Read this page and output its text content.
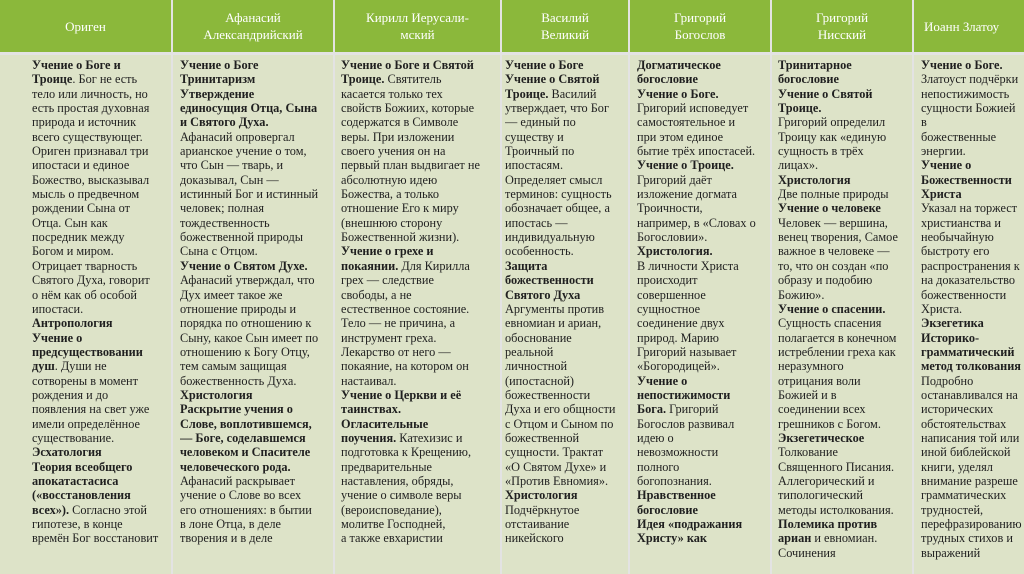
Ориген
Афанасий
Александрийский
Кирилл Иерусали-
мский
Василий
Великий
Григорий
Богослов
Григорий
Нисский
Иоанн Златоу

Учение о Боге и

Троице. Бог не есть

тело или личность, но

есть простая духовная

природа и источник

всего существующег.

Ориген признавал три

ипостаси и единое

Божество, высказывал

мысль о предвечном

рождении Сына от

Отца. Сын как

посредник между

Богом и миром.

Отрицает тварность

Святого Духа, говорит

о нём как об особой

ипостаси.

Антропология

Учение о

предсуществовании

душ. Души не

сотворены в момент

рождения и до

появления на свет уже

имели определённое

существование.

Эсхатология

Теория всеобщего

апокатастасиса

(«восстановления

всех»). Согласно этой

гипотезе, в конце

времён Бог восстановит

Учение о Боге

Тринитаризм

Утверждение

единосущия Отца, Сына

и Святого Духа.

Афанасий опровергал

арианское учение о том,

что Сын — тварь, и

доказывал, Сын —

истинный Бог и истинный

человек; полная

тождественность

божественной природы

Сына с Отцом.

Учение о Святом Духе.

Афанасий утверждал, что

Дух имеет такое же

отношение природы и

порядка по отношению к

Сыну, какое Сын имеет по

отношению к Богу Отцу,

тем самым защищая

божественность Духа.

Христология

Раскрытие учения о

Слове, воплотившемся,

— Боге, соделавшемся

человеком и Спасителе

человеческого рода.

Афанасий раскрывает

учение о Слове во всех

его отношениях: в бытии

в лоне Отца, в деле

творения и в деле

Учение о Боге и Святой

Троице. Святитель

касается только тех

свойств Божиих, которые

содержатся в Символе

веры. При изложении

своего учения он на

первый план выдвигает не

абсолютную идею

Божества, а только

отношение Его к миру

(внешнюю сторону

Божественной жизни).

Учение о грехе и

покаянии. Для Кирилла

грех — следствие

свободы, а не

естественное состояние.

Тело — не причина, а

инструмент греха.

Лекарство от него —

покаяние, на котором он

настаивал.

Учение о Церкви и её

таинствах.

Огласительные

поучения. Катехизис и

подготовка к Крещению,

предварительные

наставления, обряды,

учение о символе веры

(вероисповедание),

молитве Господней,

а также евхаристии

Учение о Боге

Учение о Святой

Троице. Василий

утверждает, что Бог

— единый по

существу и

Троичный по

ипостасям.

Определяет смысл

терминов: сущность

обозначает общее, а

ипостась —

индивидуальную

особенность.

Защита

божественности

Святого Духа

Аргументы против

евномиан и ариан,

обоснование

реальной

личностной

(ипостасной)

божественности

Духа и его общности

с Отцом и Сыном по

божественной

сущности. Трактат

«О Святом Духе» и

«Против Евномия».

Христология

Подчёркнутое

отстаивание

никейского

Догматическое

богословие

Учение о Боге.

Григорий исповедует

самостоятельное и

при этом единое

бытие трёх ипостасей.

Учение о Троице.

Григорий даёт

изложение догмата

Троичности,

например, в «Словах о

Богословии».

Христология.

В личности Христа

происходит

совершенное

сущностное

соединение двух

природ. Марию

Григорий называет

«Богородицей».

Учение о

непостижимости

Бога. Григорий

Богослов развивал

идею о

невозможности

полного

богопознания.

Нравственное

богословие

Идея «подражания

Христу» как

Тринитарное

богословие

Учение о Святой

Троице.

Григорий определил

Троицу как «единую

сущность в трёх

лицах».

Христология

Две полные природы

Учение о человеке

Человек — вершина,

венец творения, Самое

важное в человеке —

то, что он создан «по

образу и подобию

Божию».

Учение о спасении.

Сущность спасения

полагается в конечном

истреблении греха как

неразумного

отрицания воли

Божией и в

соединении всех

грешников с Богом.

Экзегетическое

Толкование

Священного Писания.

Аллегорический и

типологический

методы истолкования.

Полемика против

ариан и евномиан. Сочинения

Учение о Боге.

Златоуст подчёрки

непостижимость

сущности Божией в

божественные

энергии.

Учение о

Божественности

Христа

Указал на торжест

христианства и

необычайную

быстроту его

распространения к

на доказательство

божественности

Христа.

Экзегетика

Историко-

грамматический

метод толкования

Подробно

останавливался на

исторических

обстоятельствах

написания той или

иной библейской

книги, уделял

внимание разреше

грамматических

трудностей,

перефразированию

трудных стихов и

выражений
